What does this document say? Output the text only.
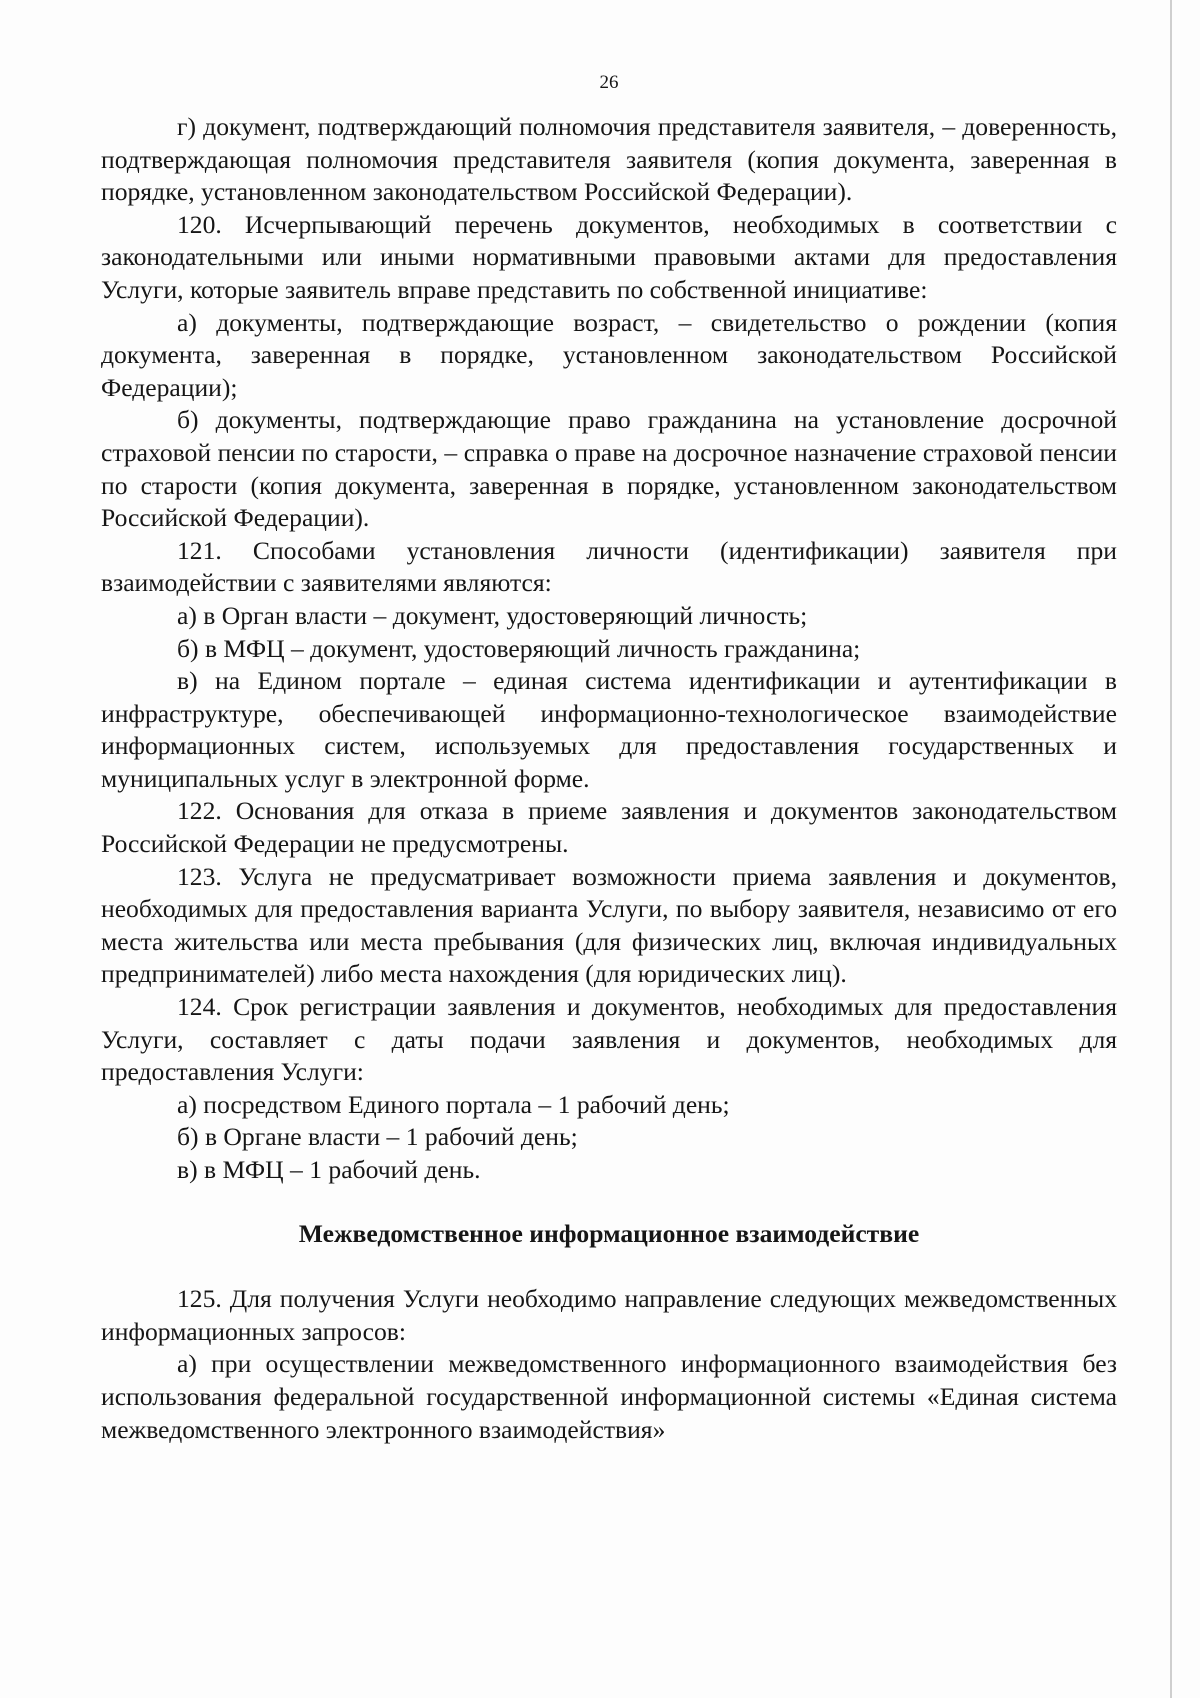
26

г) документ, подтверждающий полномочия представителя заявителя, – доверенность, подтверждающая полномочия представителя заявителя (копия документа, заверенная в порядке, установленном законодательством Российской Федерации).

120. Исчерпывающий перечень документов, необходимых в соответствии с законодательными или иными нормативными правовыми актами для предоставления Услуги, которые заявитель вправе представить по собственной инициативе:

а) документы, подтверждающие возраст, – свидетельство о рождении (копия документа, заверенная в порядке, установленном законодательством Российской Федерации);

б) документы, подтверждающие право гражданина на установление досрочной страховой пенсии по старости, – справка о праве на досрочное назначение страховой пенсии по старости (копия документа, заверенная в порядке, установленном законодательством Российской Федерации).

121. Способами установления личности (идентификации) заявителя при взаимодействии с заявителями являются:

а) в Орган власти – документ, удостоверяющий личность;

б) в МФЦ – документ, удостоверяющий личность гражданина;

в) на Едином портале – единая система идентификации и аутентификации в инфраструктуре, обеспечивающей информационно-технологическое взаимодействие информационных систем, используемых для предоставления государственных и муниципальных услуг в электронной форме.

122. Основания для отказа в приеме заявления и документов законодательством Российской Федерации не предусмотрены.

123. Услуга не предусматривает возможности приема заявления и документов, необходимых для предоставления варианта Услуги, по выбору заявителя, независимо от его места жительства или места пребывания (для физических лиц, включая индивидуальных предпринимателей) либо места нахождения (для юридических лиц).

124. Срок регистрации заявления и документов, необходимых для предоставления Услуги, составляет с даты подачи заявления и документов, необходимых для предоставления Услуги:

а) посредством Единого портала – 1 рабочий день;

б) в Органе власти – 1 рабочий день;

в) в МФЦ – 1 рабочий день.

Межведомственное информационное взаимодействие

125. Для получения Услуги необходимо направление следующих межведомственных информационных запросов:

а) при осуществлении межведомственного информационного взаимодействия без использования федеральной государственной информационной системы «Единая система межведомственного электронного взаимодействия»
